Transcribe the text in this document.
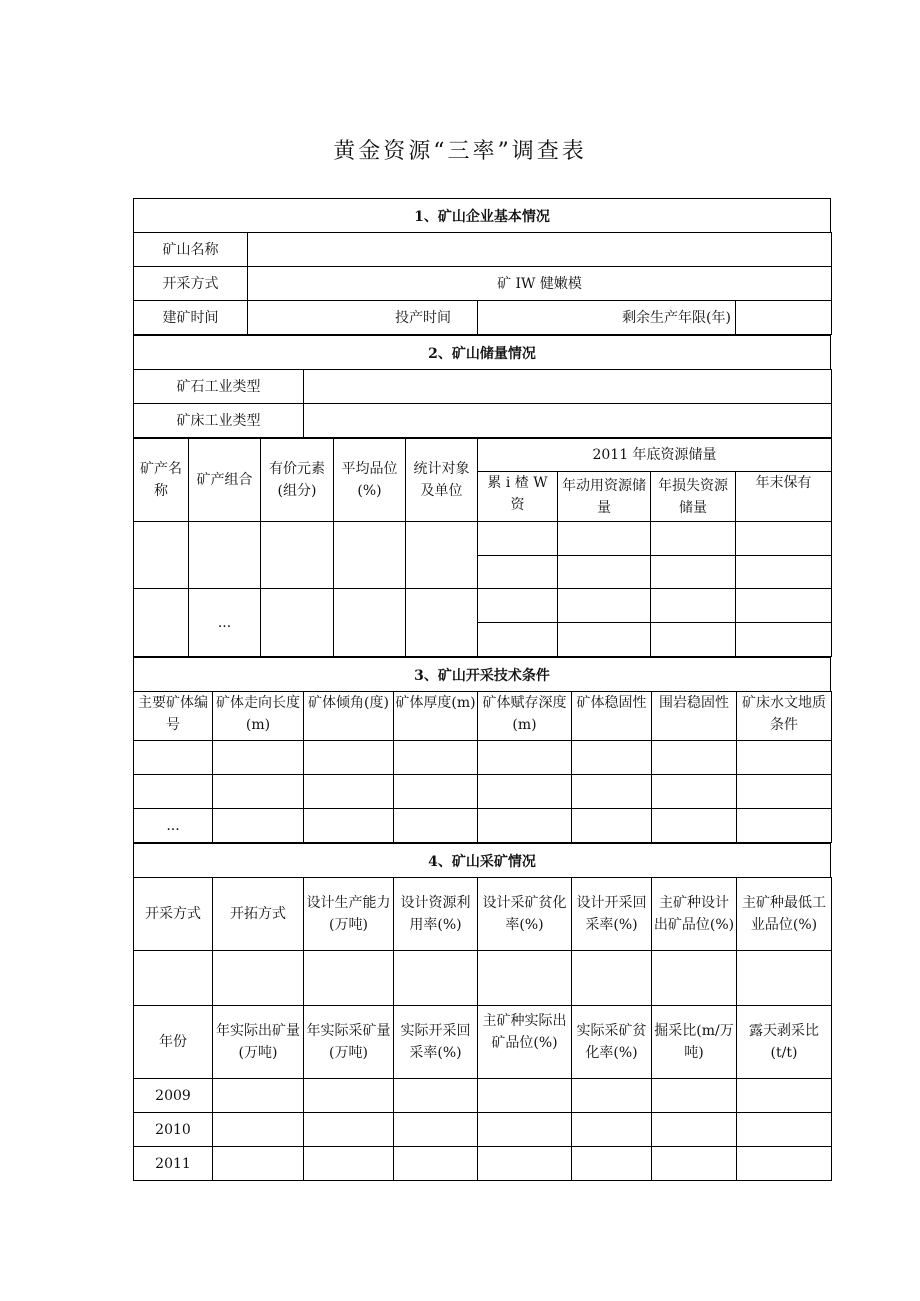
黄金资源“三率”调查表
1、矿山企业基本情况
矿山名称			
开采方式	矿 IW 健嫩模		
建矿时间	投产时间	剩余生产年限(年)	
2、矿山储量情况
矿石工业类型	
矿床工业类型	
矿产名称	矿产组合	有价元素(组分)	平均品位(%)	统计对象及单位	2011 年底资源储量			
					累 i 楂 W 资	年动用资源储量	年损失资源储量	年末保有

	...							

3、矿山开采技术条件
主要矿体编号	矿体走向长度(m)	矿体倾角(度)	矿体厚度(m)	矿体赋存深度(m)	矿体稳固性	围岩稳固性	矿床水文地质条件

...							
4、矿山采矿情况
开采方式	开拓方式	设计生产能力(万吨)	设计资源利用率(%)	设计采矿贫化率(%)	设计开采回采率(%)	主矿种设计出矿品位(%)	主矿种最低工业品位(%)

年份	年实际出矿量(万吨)	年实际采矿量(万吨)	实际开采回采率(%)	主矿种实际出矿品位(%)	实际采矿贫化率(%)	掘采比(m/万吨)	露天剥采比(t/t)
2009							
2010							
2011							
